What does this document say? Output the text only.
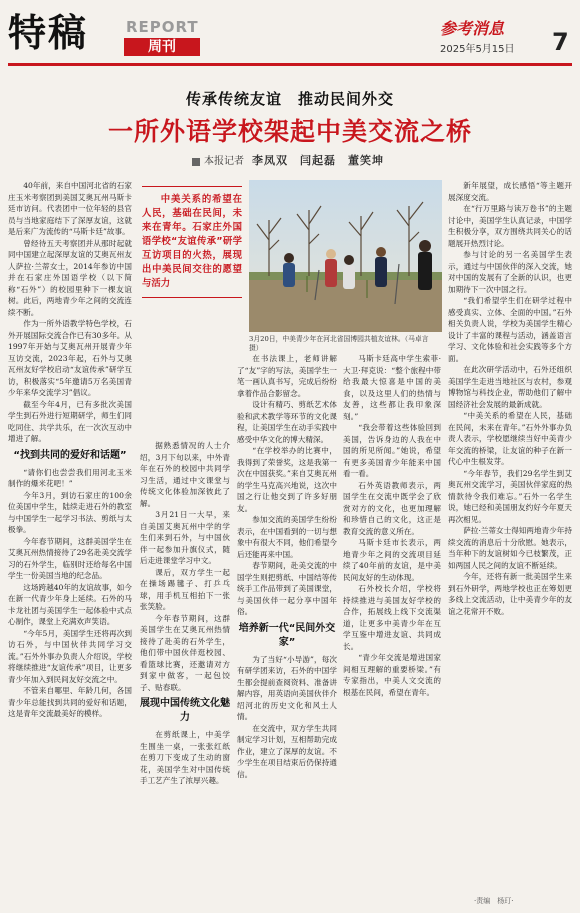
特稿	REPORT
周刊
参考消息
2025年5月15日 7
传承传统友谊　推动民间外交
一所外语学校架起中美交流之桥
本报记者 李凤双　闫起磊　董笑坤

40年前，来自中国河北省的石家庄玉米考察团到美国艾奥瓦州马斯卡廷市访问。代表团中一位年轻的县官员与当地家庭结下了深厚友谊，这就是后来广为流传的“马斯卡廷”故事。

曾经待五天考察团并从那时起就同中国建立起深厚友谊的艾奥瓦州友人萨拉·兰蒂女士，2014年参访中国并在石家庄外国语学校（以下简称“石外”）的校园里种下一棵友谊树。此后，两地青少年之间的交流连续不断。

作为一所外语教学特色学校，石外开展国际交流合作已有30多年。从1997年开始与艾奥瓦州开展青少年互访交流，2023年起，石外与艾奥瓦州友好学校启动“友谊传承”研学互访，积极落实“5年邀请5万名美国青少年来华交流学习”倡议。

截至今年4月，已有多批次美国学生到石外进行短期研学，师生们同吃同住、共学共乐，在一次次互动中增进了解。

“找到共同的爱好和话题”

“请你们也尝尝我们用河北玉米制作的爆米花吧！”

今年3月，到访石家庄的100余位美国中学生，陆续走进石外的教室与中国学生一起学习书法、剪纸与太极拳。

今年春节期间，这群美国学生在艾奥瓦州热情接待了29名赴美交流学习的石外学生，临别时还给每名中国学生一份美国当地的纪念品。

这场跨越40年的友谊故事，如今在新一代青少年身上延续。石外的马卡龙社团与美国学生一起体验中式点心制作，课堂上充满欢声笑语。

“今年5月，美国学生还将再次到访石外，与中国伙伴共同学习交流。”石外外事办负责人介绍说，学校将继续推进“友谊传承”项目，让更多青少年加入到民间友好交流之中。

不管来自哪里、年龄几何，各国青少年总能找到共同的爱好和话题，这是青年交流最美好的模样。

中美关系的希望在人民，基础在民间，未来在青年。石家庄外国语学校“友谊传承”研学互访项目的火热，展现出中美民间交往的愿望与活力

3月20日，中美青少年在河北省国博园共植友谊林。（马卓言　摄）

据熟悉情况的人士介绍，3月下旬以来，中外青年在石外的校园中共同学习生活，通过中文课堂与传统文化体验加深彼此了解。

3月21日一大早，来自美国艾奥瓦州中学的学生们来到石外，与中国伙伴一起参加升旗仪式，随后走进课堂学习中文。

课后，双方学生一起在操场踢毽子、打乒乓球，用手机互相拍下一张张笑脸。

今年春节期间，这群美国学生在艾奥瓦州热情接待了赴美的石外学生，他们带中国伙伴逛校园、看篮球比赛，还邀请对方到家中做客，一起包饺子、贴春联。

展现中国传统文化魅力

在剪纸课上，中美学生围坐一桌，一张张红纸在剪刀下变成了生动的窗花，美国学生对中国传统手工艺产生了浓厚兴趣。

在书法课上，老师讲解了“友”字的写法，美国学生一笔一画认真书写，完成后纷纷拿着作品合影留念。

设计有精巧、剪纸艺术体验和武术教学等环节的文化课程，让美国学生在动手实践中感受中华文化的博大精深。

“在学校举办的比赛中，我得到了荣誉奖，这是我第一次在中国获奖。”来自艾奥瓦州的学生马克高兴地说，这次中国之行让他交到了许多好朋友。

参加交流的美国学生纷纷表示，在中国看到的一切与想象中有很大不同，他们希望今后还能再来中国。

春节期间，赴美交流的中国学生则把剪纸、中国结等传统手工作品带到了美国课堂，与美国伙伴一起分享中国年俗。

培养新一代“民间外交家”

为了当好“小导游”，每次有研学团来访，石外的中国学生都会提前查阅资料、准备讲解内容，用英语向美国伙伴介绍河北的历史文化和风土人情。

在交流中，双方学生共同制定学习计划，互相帮助完成作业，建立了深厚的友谊。不少学生在项目结束后仍保持通信。

马斯卡廷高中学生索菲·大卫·拜克说：“整个旅程中带给我最大惊喜是中国的美食，以及这里人们的热情与友善，这些都让我印象深刻。”

“我会带着这些体验回到美国，告诉身边的人我在中国的所见所闻。”她说，希望有更多美国青少年能来中国看一看。

石外英语教师表示，两国学生在交流中既学会了欣赏对方的文化，也更加理解和珍惜自己的文化，这正是教育交流的意义所在。

马斯卡廷市长表示，两地青少年之间的交流项目延续了40年前的友谊，是中美民间友好的生动体现。

石外校长介绍，学校将持续推进与美国友好学校的合作，拓展线上线下交流渠道，让更多中美青少年在互学互鉴中增进友谊、共同成长。

“青少年交流是增进国家间相互理解的重要桥梁。”有专家指出，中美人文交流的根基在民间，希望在青年。

新年展望，成长感悟“等主题开展深度交流。

在“行万里路与读万卷书”的主题讨论中，美国学生认真记录，中国学生积极分享，双方围绕共同关心的话题展开热烈讨论。

参与讨论的另一名美国学生表示，通过与中国伙伴的深入交流，她对中国的发展有了全新的认识，也更加期待下一次中国之行。

“我们希望学生们在研学过程中感受真实、立体、全面的中国。”石外相关负责人说，学校为美国学生精心设计了丰富的课程与活动，涵盖语言学习、文化体验和社会实践等多个方面。

在此次研学活动中，石外还组织美国学生走进当地社区与农村，参观博物馆与科技企业，帮助他们了解中国经济社会发展的最新成就。

“中美关系的希望在人民，基础在民间，未来在青年。”石外外事办负责人表示，学校愿继续当好中美青少年交流的桥梁，让友谊的种子在新一代心中生根发芽。

“今年春节，我们29名学生到艾奥瓦州交流学习，美国伙伴家庭的热情款待令我们难忘。”石外一名学生说，她已经和美国朋友约好今年夏天再次相见。

萨拉·兰蒂女士得知两地青少年持续交流的消息后十分欣慰。她表示，当年种下的友谊树如今已枝繁茂，正如两国人民之间的友谊不断延续。

今年，还将有新一批美国学生来到石外研学，两地学校也正在筹划更多线上交流活动，让中美青少年的友谊之花常开不败。

·责编　杨玎·
